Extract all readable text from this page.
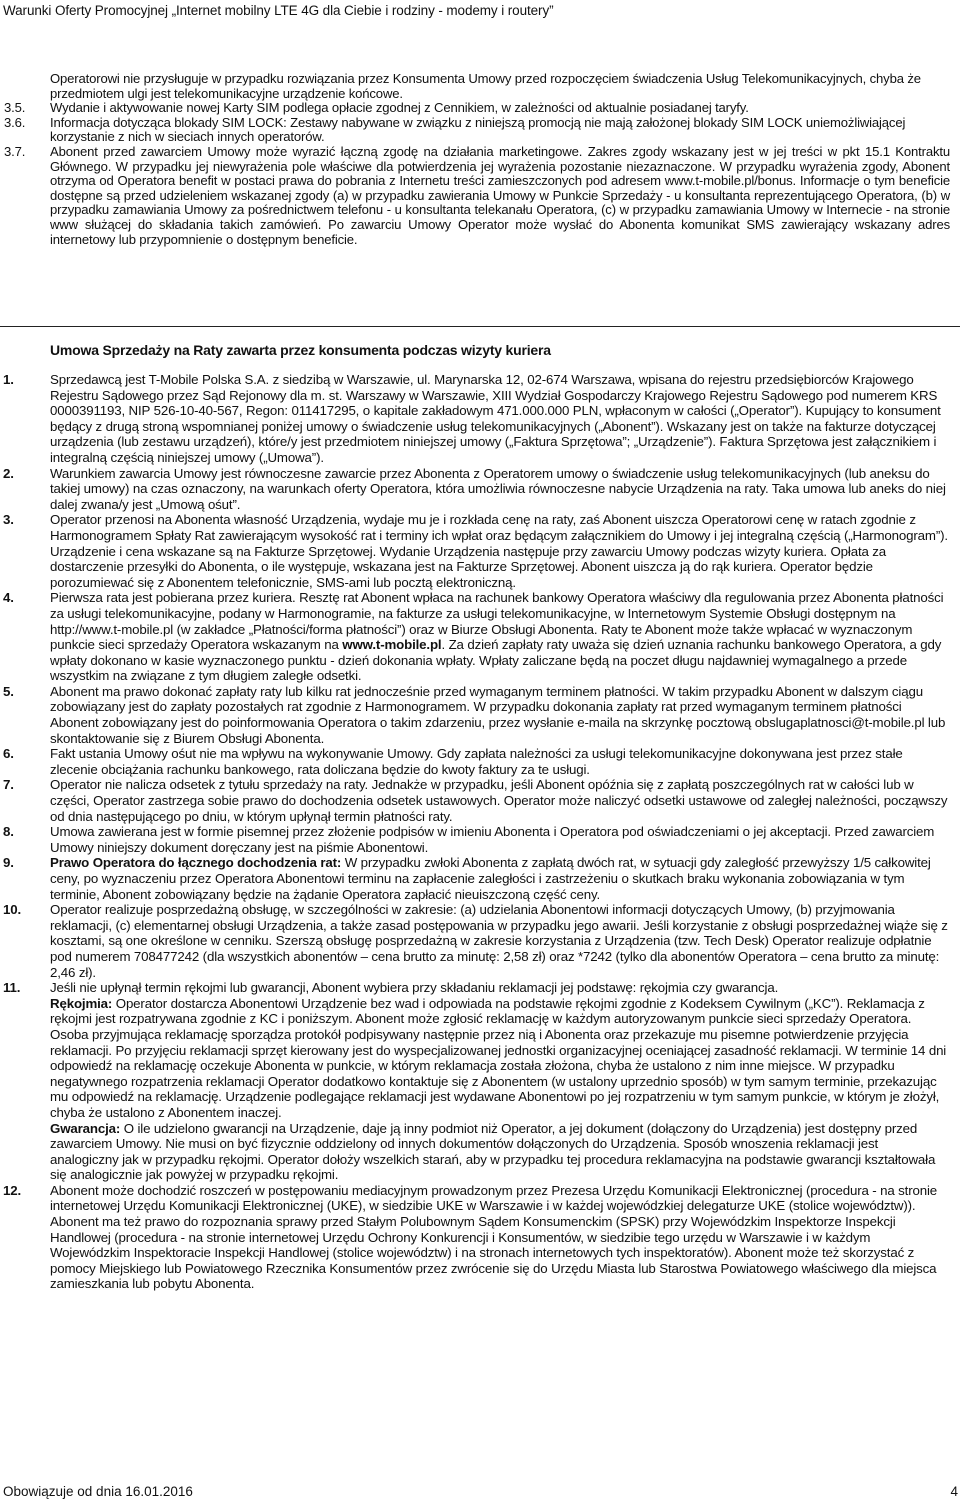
Warunki Oferty Promocyjnej „Internet mobilny LTE 4G dla Ciebie i rodziny - modemy i routery”
Operatorowi nie przysługuje w przypadku rozwiązania przez Konsumenta Umowy przed rozpoczęciem świadczenia Usług Telekomunikacyjnych, chyba że przedmiotem ulgi jest telekomunikacyjne urządzenie końcowe.
3.5. Wydanie i aktywowanie nowej Karty SIM podlega opłacie zgodnej z Cennikiem, w zależności od aktualnie posiadanej taryfy.
3.6. Informacja dotycząca blokady SIM LOCK: Zestawy nabywane w związku z niniejszą promocją nie mają założonej blokady SIM LOCK uniemożliwiającej korzystanie z nich w sieciach innych operatorów.
3.7. Abonent przed zawarciem Umowy może wyrazić łączną zgodę na działania marketingowe. Zakres zgody wskazany jest w jej treści w pkt 15.1 Kontraktu Głównego. W przypadku jej niewyrażenia pole właściwe dla potwierdzenia jej wyrażenia pozostanie niezaznaczone. W przypadku wyrażenia zgody, Abonent otrzyma od Operatora benefit w postaci prawa do pobrania z Internetu treści zamieszczonych pod adresem www.t-mobile.pl/bonus. Informacje o tym beneficie dostępne są przed udzieleniem wskazanej zgody (a) w przypadku zawierania Umowy w Punkcie Sprzedaży - u konsultanta reprezentującego Operatora, (b) w przypadku zamawiania Umowy za pośrednictwem telefonu - u konsultanta telekanału Operatora, (c) w przypadku zamawiania Umowy w Internecie - na stronie www służącej do składania takich zamówień. Po zawarciu Umowy Operator może wysłać do Abonenta komunikat SMS zawierający wskazany adres internetowy lub przypomnienie o dostępnym beneficie.
Umowa Sprzedaży na Raty zawarta przez konsumenta podczas wizyty kuriera
1.	Sprzedawcą jest T-Mobile Polska S.A. z siedzibą w Warszawie, ul. Marynarska 12, 02-674 Warszawa, wpisana do rejestru przedsiębiorców Krajowego Rejestru Sądowego przez Sąd Rejonowy dla m. st. Warszawy w Warszawie, XIII Wydział Gospodarczy Krajowego Rejestru Sądowego pod numerem KRS 0000391193, NIP 526-10-40-567, Regon: 011417295, o kapitale zakładowym 471.000.000 PLN, wpłaconym w całości („Operator”). Kupujący to konsument będący z drugą stroną wspomnianej poniżej umowy o świadczenie usług telekomunikacyjnych („Abonent”). Wskazany jest on także na fakturze dotyczącej urządzenia (lub zestawu urządzeń), które/y jest przedmiotem niniejszej umowy („Faktura Sprzętowa”; „Urządzenie”). Faktura Sprzętowa jest załącznikiem i integralną częścią niniejszej umowy („Umowa”).
2.	Warunkiem zawarcia Umowy jest równoczesne zawarcie przez Abonenta z Operatorem umowy o świadczenie usług telekomunikacyjnych (lub aneksu do takiej umowy) na czas oznaczony, na warunkach oferty Operatora, która umożliwia równoczesne nabycie Urządzenia na raty. Taka umowa lub aneks do niej dalej zwana/y jest „Umową ośut”.
3.	Operator przenosi na Abonenta własność Urządzenia, wydaje mu je i rozkłada cenę na raty, zaś Abonent uiszcza Operatorowi cenę w ratach zgodnie z Harmonogramem Spłaty Rat zawierającym wysokość rat i terminy ich wpłat oraz będącym załącznikiem do Umowy i jej integralną częścią („Harmonogram”). Urządzenie i cena wskazane są na Fakturze Sprzętowej. Wydanie Urządzenia następuje przy zawarciu Umowy podczas wizyty kuriera. Opłata za dostarczenie przesyłki do Abonenta, o ile występuje, wskazana jest na Fakturze Sprzętowej. Abonent uiszcza ją do rąk kuriera. Operator będzie porozumiewać się z Abonentem telefonicznie, SMS-ami lub pocztą elektroniczną.
4.	Pierwsza rata jest pobierana przez kuriera. Resztę rat Abonent wpłaca na rachunek bankowy Operatora właściwy dla regulowania przez Abonenta płatności za usługi telekomunikacyjne, podany w Harmonogramie, na fakturze za usługi telekomunikacyjne, w Internetowym Systemie Obsługi dostępnym na http://www.t-mobile.pl (w zakładce „Płatności/forma płatności”) oraz w Biurze Obsługi Abonenta. Raty te Abonent może także wpłacać w wyznaczonym punkcie sieci sprzedaży Operatora wskazanym na www.t-mobile.pl. Za dzień zapłaty raty uważa się dzień uznania rachunku bankowego Operatora, a gdy wpłaty dokonano w kasie wyznaczonego punktu - dzień dokonania wpłaty. Wpłaty zaliczane będą na poczet długu najdawniej wymagalnego a przede wszystkim na związane z tym długiem zaległe odsetki.
5.	Abonent ma prawo dokonać zapłaty raty lub kilku rat jednocześnie przed wymaganym terminem płatności. W takim przypadku Abonent w dalszym ciągu zobowiązany jest do zapłaty pozostałych rat zgodnie z Harmonogramem. W przypadku dokonania zapłaty rat przed wymaganym terminem płatności Abonent zobowiązany jest do poinformowania Operatora o takim zdarzeniu, przez wysłanie e-maila na skrzynkę pocztową obslugaplatnosci@t-mobile.pl lub skontaktowanie się z Biurem Obsługi Abonenta.
6.	Fakt ustania Umowy ośut nie ma wpływu na wykonywanie Umowy. Gdy zapłata należności za usługi telekomunikacyjne dokonywana jest przez stałe zlecenie obciążania rachunku bankowego, rata doliczana będzie do kwoty faktury za te usługi.
7.	Operator nie nalicza odsetek z tytułu sprzedaży na raty. Jednakże w przypadku, jeśli Abonent opóźnia się z zapłatą poszczególnych rat w całości lub w części, Operator zastrzega sobie prawo do dochodzenia odsetek ustawowych. Operator może naliczyć odsetki ustawowe od zaległej należności, począwszy od dnia następującego po dniu, w którym upłynął termin płatności raty.
8.	Umowa zawierana jest w formie pisemnej przez złożenie podpisów w imieniu Abonenta i Operatora pod oświadczeniami o jej akceptacji. Przed zawarciem Umowy niniejszy dokument doręczany jest na piśmie Abonentowi.
9.	Prawo Operatora do łącznego dochodzenia rat: W przypadku zwłoki Abonenta z zapłatą dwóch rat, w sytuacji gdy zaległość przewyższy 1/5 całkowitej ceny, po wyznaczeniu przez Operatora Abonentowi terminu na zapłacenie zaległości i zastrzeżeniu o skutkach braku wykonania zobowiązania w tym terminie, Abonent zobowiązany będzie na żądanie Operatora zapłacić nieuiszczoną część ceny.
10. Operator realizuje posprzedażną obsługę, w szczególności w zakresie: (a) udzielania Abonentowi informacji dotyczących Umowy, (b) przyjmowania reklamacji, (c) elementarnej obsługi Urządzenia, a także zasad postępowania w przypadku jego awarii. Jeśli korzystanie z obsługi posprzedażnej wiąże się z kosztami, są one określone w cenniku. Szerszą obsługę posprzedażną w zakresie korzystania z Urządzenia (tzw. Tech Desk) Operator realizuje odpłatnie pod numerem 708477242 (dla wszystkich abonentów – cena brutto za minutę: 2,58 zł) oraz *7242 (tylko dla abonentów Operatora – cena brutto za minutę: 2,46 zł).
11. Jeśli nie upłynął termin rękojmi lub gwarancji, Abonent wybiera przy składaniu reklamacji jej podstawę: rękojmia czy gwarancja.
Rękojmia: Operator dostarcza Abonentowi Urządzenie bez wad i odpowiada na podstawie rękojmi zgodnie z Kodeksem Cywilnym („KC”). Reklamacja z rękojmi jest rozpatrywana zgodnie z KC i poniższym. Abonent może zgłosić reklamację w każdym autoryzowanym punkcie sieci sprzedaży Operatora. Osoba przyjmująca reklamację sporządza protokół podpisywany następnie przez nią i Abonenta oraz przekazuje mu pisemne potwierdzenie przyjęcia reklamacji. Po przyjęciu reklamacji sprzęt kierowany jest do wyspecjalizowanej jednostki organizacyjnej oceniającej zasadność reklamacji. W terminie 14 dni odpowiedź na reklamację oczekuje Abonenta w punkcie, w którym reklamacja została złożona, chyba że ustalono z nim inne miejsce. W przypadku negatywnego rozpatrzenia reklamacji Operator dodatkowo kontaktuje się z Abonentem (w ustalony uprzednio sposób) w tym samym terminie, przekazując mu odpowiedź na reklamację. Urządzenie podlegające reklamacji jest wydawane Abonentowi po jej rozpatrzeniu w tym samym punkcie, w którym je złożył, chyba że ustalono z Abonentem inaczej.
Gwarancja: O ile udzielono gwarancji na Urządzenie, daje ją inny podmiot niż Operator, a jej dokument (dołączony do Urządzenia) jest dostępny przed zawarciem Umowy. Nie musi on być fizycznie oddzielony od innych dokumentów dołączonych do Urządzenia. Sposób wnoszenia reklamacji jest analogiczny jak w przypadku rękojmi. Operator dołoży wszelkich starań, aby w przypadku tej procedura reklamacyjna na podstawie gwarancji kształtowała się analogicznie jak powyżej w przypadku rękojmi.
12. Abonent może dochodzić roszczeń w postępowaniu mediacyjnym prowadzonym przez Prezesa Urzędu Komunikacji Elektronicznej (procedura - na stronie internetowej Urzędu Komunikacji Elektronicznej (UKE), w siedzibie UKE w Warszawie i w każdej wojewódzkiej delegaturze UKE (stolice województw)). Abonent ma też prawo do rozpoznania sprawy przed Stałym Polubownym Sądem Konsumenckim (SPSK) przy Wojewódzkim Inspektorze Inspekcji Handlowej (procedura - na stronie internetowej Urzędu Ochrony Konkurencji i Konsumentów, w siedzibie tego urzędu w Warszawie i w każdym Wojewódzkim Inspektoracie Inspekcji Handlowej (stolice województw) i na stronach internetowych tych inspektoratów). Abonent może też skorzystać z pomocy Miejskiego lub Powiatowego Rzecznika Konsumentów przez zwrócenie się do Urzędu Miasta lub Starostwa Powiatowego właściwego dla miejsca zamieszkania lub pobytu Abonenta.
Obowiązuje od dnia 16.01.2016	4
